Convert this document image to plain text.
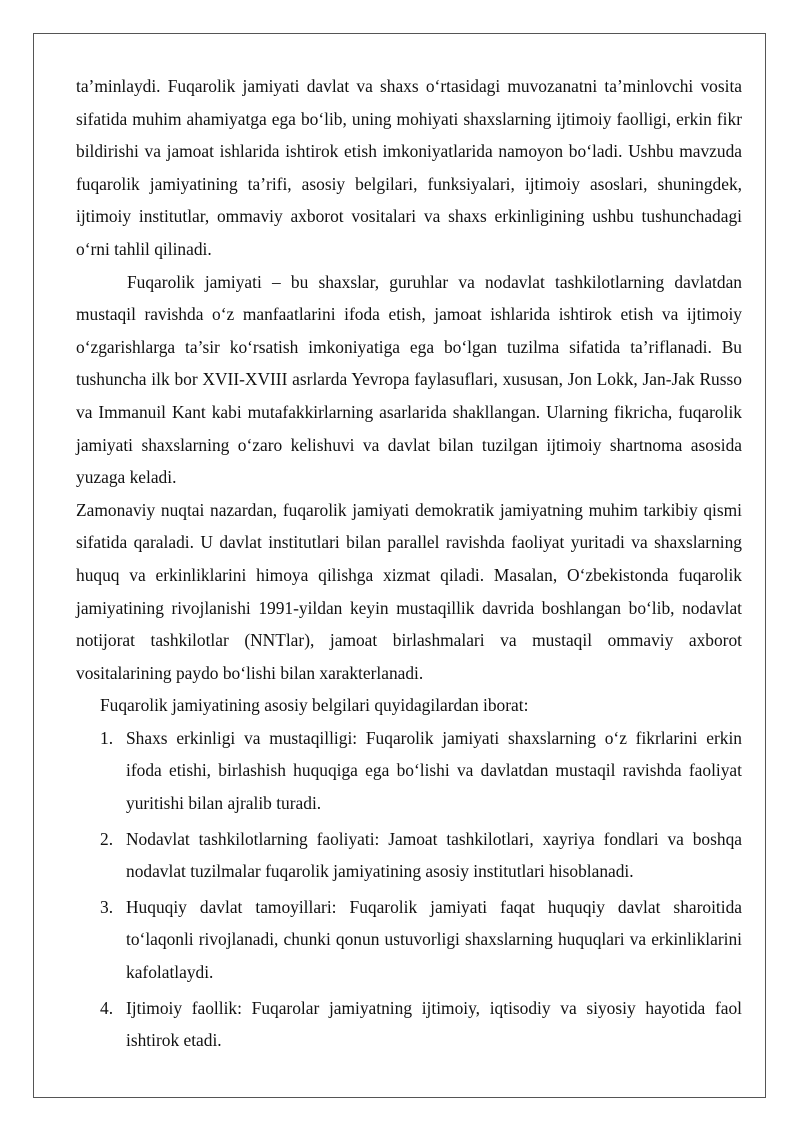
ta’minlaydi. Fuqarolik jamiyati davlat va shaxs o‘rtasidagi muvozanatni ta’minlovchi vosita sifatida muhim ahamiyatga ega bo‘lib, uning mohiyati shaxslarning ijtimoiy faolligi, erkin fikr bildirishi va jamoat ishlarida ishtirok etish imkoniyatlarida namoyon bo‘ladi. Ushbu mavzuda fuqarolik jamiyatining ta’rifi, asosiy belgilari, funksiyalari, ijtimoiy asoslari, shuningdek, ijtimoiy institutlar, ommaviy axborot vositalari va shaxs erkinligining ushbu tushunchadagi o‘rni tahlil qilinadi.

Fuqarolik jamiyati – bu shaxslar, guruhlar va nodavlat tashkilotlarning davlatdan mustaqil ravishda o‘z manfaatlarini ifoda etish, jamoat ishlarida ishtirok etish va ijtimoiy o‘zgarishlarga ta’sir ko‘rsatish imkoniyatiga ega bo‘lgan tuzilma sifatida ta’riflanadi. Bu tushuncha ilk bor XVII-XVIII asrlarda Yevropa faylasuflari, xususan, Jon Lokk, Jan-Jak Russo va Immanuil Kant kabi mutafakkirlarning asarlarida shakllangan. Ularning fikricha, fuqarolik jamiyati shaxslarning o‘zaro kelishuvi va davlat bilan tuzilgan ijtimoiy shartnoma asosida yuzaga keladi.

Zamonaviy nuqtai nazardan, fuqarolik jamiyati demokratik jamiyatning muhim tarkibiy qismi sifatida qaraladi. U davlat institutlari bilan parallel ravishda faoliyat yuritadi va shaxslarning huquq va erkinliklarini himoya qilishga xizmat qiladi. Masalan, O‘zbekistonda fuqarolik jamiyatining rivojlanishi 1991-yildan keyin mustaqillik davrida boshlangan bo‘lib, nodavlat notijorat tashkilotlar (NNTlar), jamoat birlashmalari va mustaqil ommaviy axborot vositalarining paydo bo‘lishi bilan xarakterlanadi.

Fuqarolik jamiyatining asosiy belgilari quyidagilardan iborat:

1. Shaxs erkinligi va mustaqilligi: Fuqarolik jamiyati shaxslarning o‘z fikrlarini erkin ifoda etishi, birlashish huquqiga ega bo‘lishi va davlatdan mustaqil ravishda faoliyat yuritishi bilan ajralib turadi.
2. Nodavlat tashkilotlarning faoliyati: Jamoat tashkilotlari, xayriya fondlari va boshqa nodavlat tuzilmalar fuqarolik jamiyatining asosiy institutlari hisoblanadi.
3. Huquqiy davlat tamoyillari: Fuqarolik jamiyati faqat huquqiy davlat sharoitida to‘laqonli rivojlanadi, chunki qonun ustuvorligi shaxslarning huquqlari va erkinliklarini kafolatlaydi.
4. Ijtimoiy faollik: Fuqarolar jamiyatning ijtimoiy, iqtisodiy va siyosiy hayotida faol ishtirok etadi.
